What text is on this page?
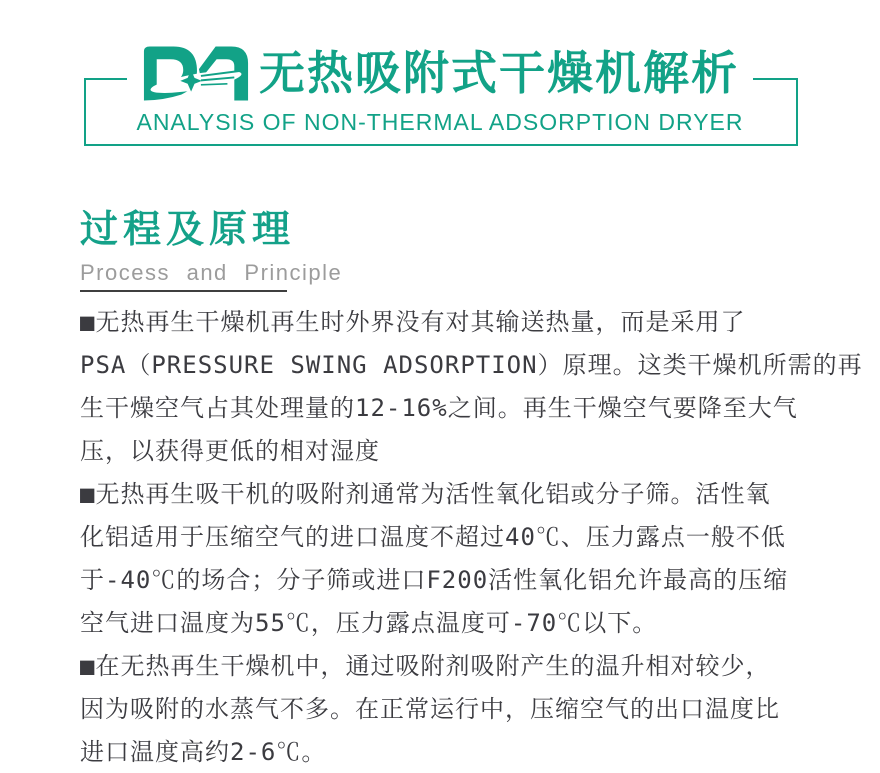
无热吸附式干燥机解析
ANALYSIS OF NON-THERMAL ADSORPTION DRYER
过程及原理
Process and Principle
■无热再生干燥机再生时外界没有对其输送热量，而是采用了
PSA（PRESSURE SWING ADSORPTION）原理。这类干燥机所需的再
生干燥空气占其处理量的12-16%之间。再生干燥空气要降至大气
压，以获得更低的相对湿度
■无热再生吸干机的吸附剂通常为活性氧化铝或分子筛。活性氧
化铝适用于压缩空气的进口温度不超过40℃、压力露点一般不低
于-40℃的场合；分子筛或进口F200活性氧化铝允许最高的压缩
空气进口温度为55℃，压力露点温度可-70℃以下。
■在无热再生干燥机中，通过吸附剂吸附产生的温升相对较少，
因为吸附的水蒸气不多。在正常运行中，压缩空气的出口温度比
进口温度高约2-6℃。
